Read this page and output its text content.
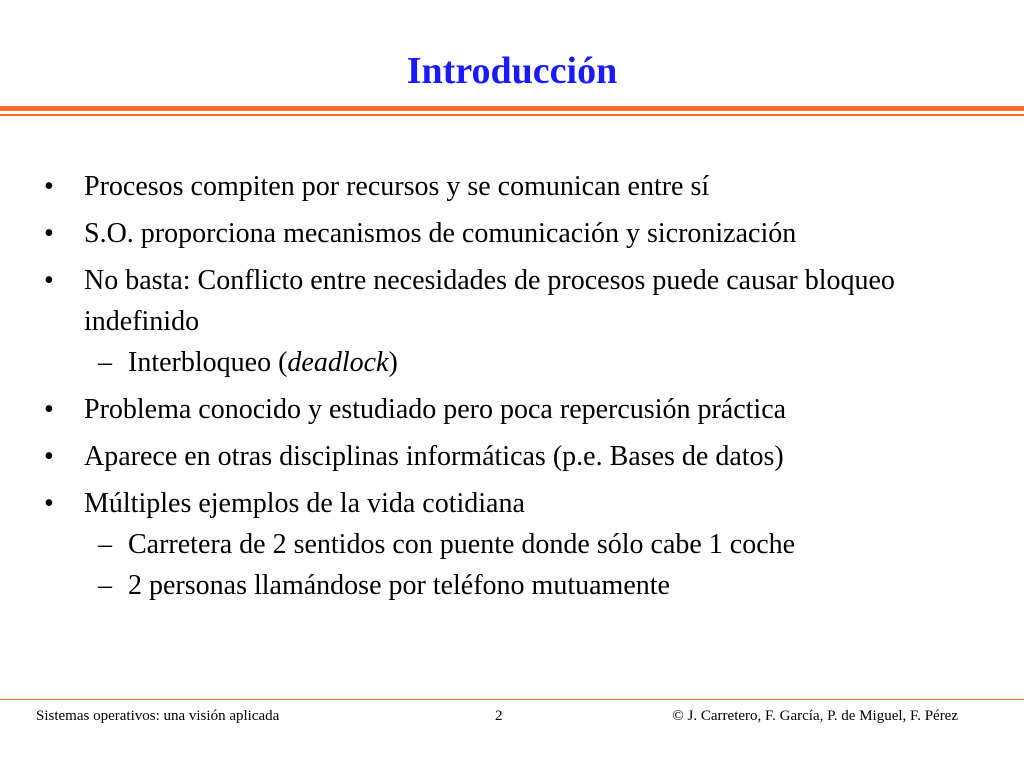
Introducción
• Procesos compiten por recursos y se comunican entre sí
• S.O. proporciona mecanismos de comunicación y sicronización
• No basta: Conflicto entre necesidades de procesos puede causar bloqueo indefinido
– Interbloqueo (deadlock)
• Problema conocido y estudiado pero poca repercusión práctica
• Aparece en otras disciplinas informáticas (p.e. Bases de datos)
• Múltiples ejemplos de la vida cotidiana
– Carretera de 2 sentidos con puente donde sólo cabe 1 coche
– 2 personas llamándose por teléfono mutuamente
Sistemas operativos: una visión aplicada	2	© J. Carretero, F. García, P. de Miguel, F. Pérez
